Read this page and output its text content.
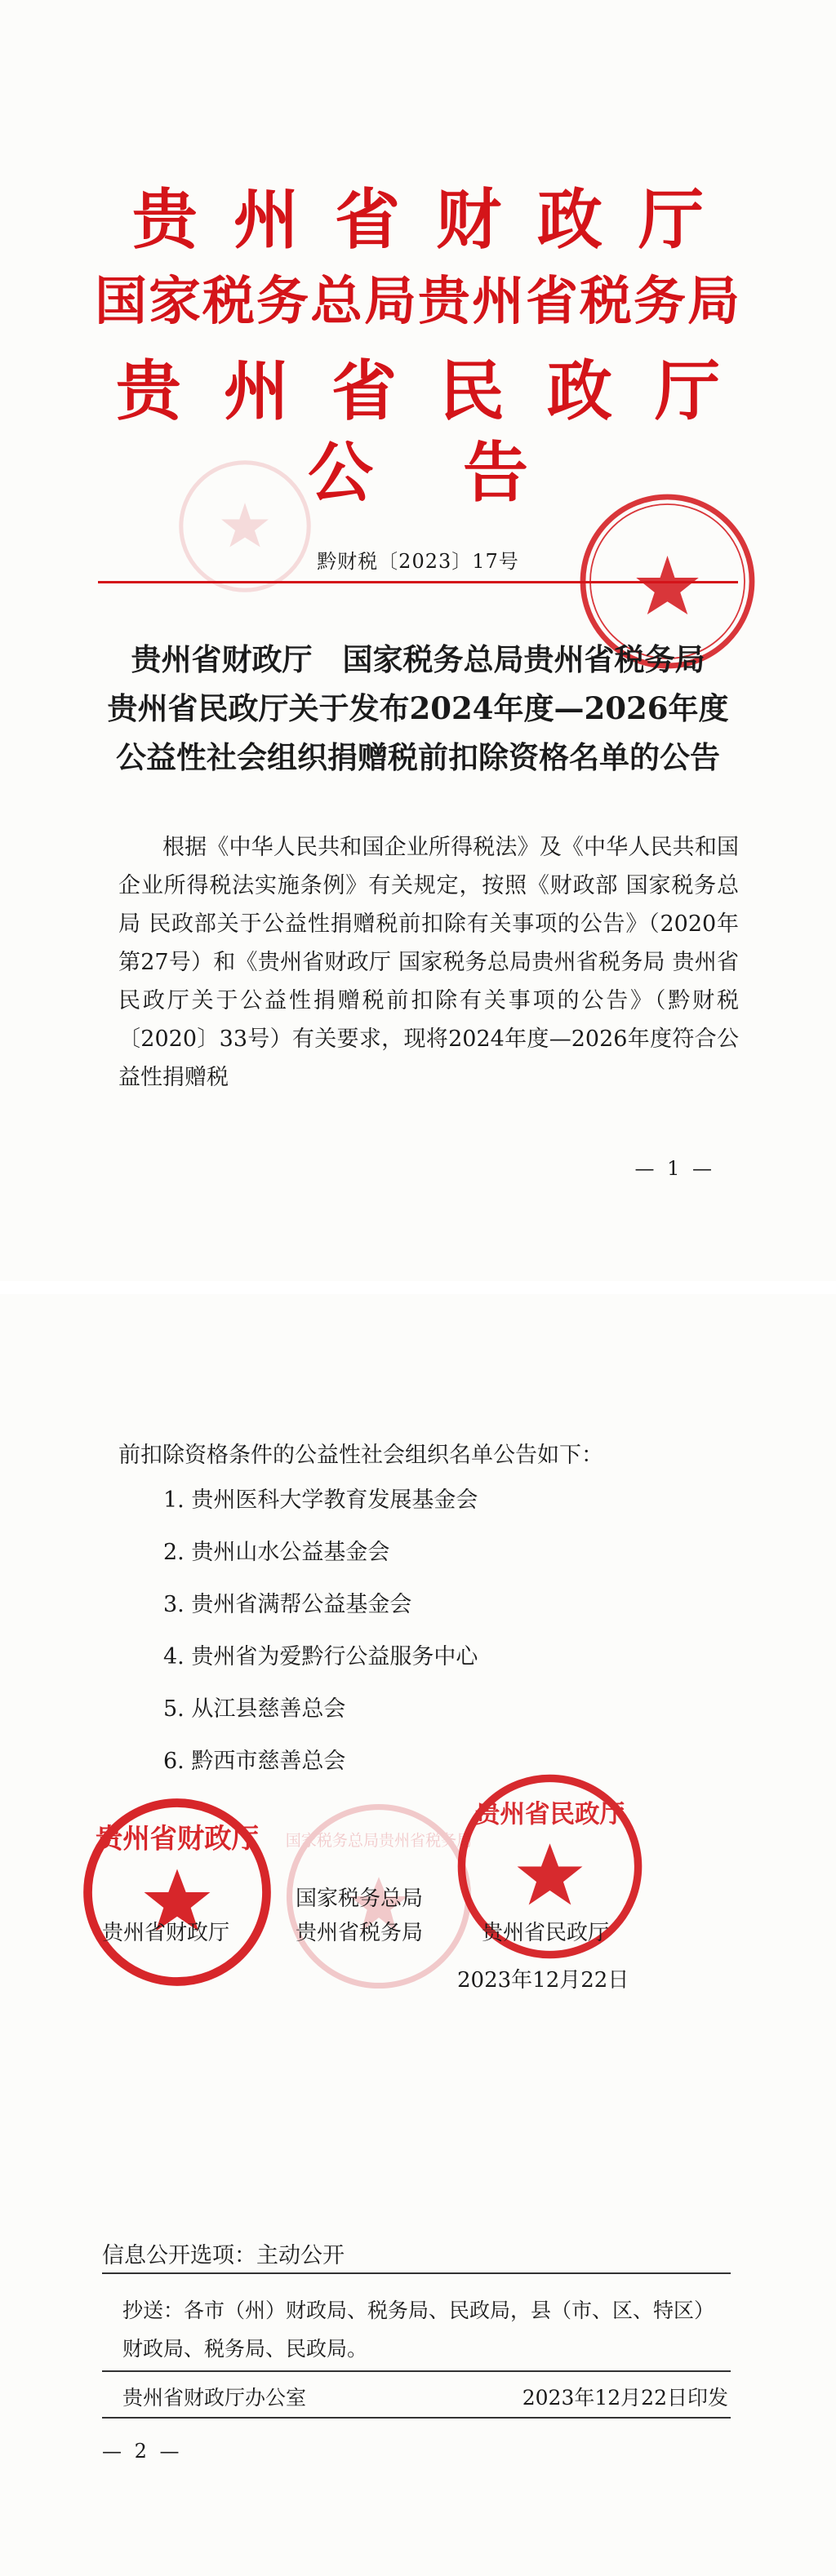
贵州省财政厅
国家税务总局贵州省税务局
贵州省民政厅
公告
黔财税〔2023〕17号
贵州省财政厅　国家税务总局贵州省税务局
贵州省民政厅关于发布2024年度—2026年度
公益性社会组织捐赠税前扣除资格名单的公告

根据《中华人民共和国企业所得税法》及《中华人民共和国企业所得税法实施条例》有关规定，按照《财政部 国家税务总局 民政部关于公益性捐赠税前扣除有关事项的公告》（2020年第27号）和《贵州省财政厅 国家税务总局贵州省税务局 贵州省民政厅关于公益性捐赠税前扣除有关事项的公告》（黔财税〔2020〕33号）有关要求，现将2024年度—2026年度符合公益性捐赠税

— 1 —
前扣除资格条件的公益性社会组织名单公告如下：
1. 贵州医科大学教育发展基金会
2. 贵州山水公益基金会
3. 贵州省满帮公益基金会
4. 贵州省为爱黔行公益服务中心
5. 从江县慈善总会
6. 黔西市慈善总会
贵州省财政厅	国家税务总局贵州省税务局
贵州省民政厅
贵州省财政厅
国家税务总局
贵州省税务局	贵州省民政厅
2023年12月22日
信息公开选项：主动公开
抄送：各市（州）财政局、税务局、民政局，县（市、区、特区）财政局、税务局、民政局。
贵州省财政厅办公室	2023年12月22日印发
— 2 —
